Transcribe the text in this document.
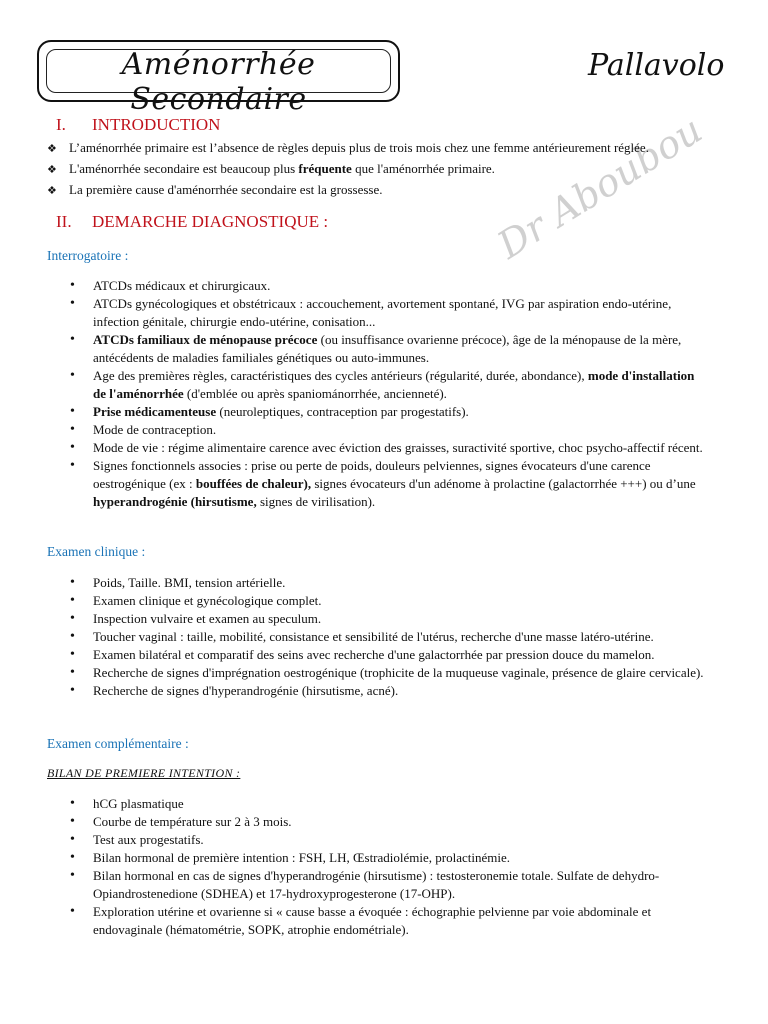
Aménorrhée Secondaire
Pallavolo
Dr Aboubou
I. INTRODUCTION
❖ L’aménorrhée primaire est l’absence de règles depuis plus de trois mois chez une femme antérieurement réglée.
❖ L'aménorrhée secondaire est beaucoup plus fréquente que l'aménorrhée primaire.
❖ La première cause d'aménorrhée secondaire est la grossesse.
II. DEMARCHE DIAGNOSTIQUE :
Interrogatoire :
• ATCDs médicaux et chirurgicaux.
• ATCDs gynécologiques et obstétricaux : accouchement, avortement spontané, IVG par aspiration endo-utérine, infection génitale, chirurgie endo-utérine, conisation...
• ATCDs familiaux de ménopause précoce (ou insuffisance ovarienne précoce), âge de la ménopause de la mère, antécédents de maladies familiales génétiques ou auto-immunes.
• Age des premières règles, caractéristiques des cycles antérieurs (régularité, durée, abondance), mode d'installation de l'aménorrhée (d'emblée ou après spaniománorrhée, ancienneté).
• Prise médicamenteuse (neuroleptiques, contraception par progestatifs).
• Mode de contraception.
• Mode de vie : régime alimentaire carence avec éviction des graisses, suractivité sportive, choc psycho-affectif récent.
• Signes fonctionnels associes : prise ou perte de poids, douleurs pelviennes, signes évocateurs d'une carence oestrogénique (ex : bouffées de chaleur), signes évocateurs d'un adénome à prolactine (galactorrhée +++) ou d’une hyperandrogénie (hirsutisme, signes de virilisation).
Examen clinique :
• Poids, Taille. BMI, tension artérielle.
• Examen clinique et gynécologique complet.
• Inspection vulvaire et examen au speculum.
• Toucher vaginal : taille, mobilité, consistance et sensibilité de l'utérus, recherche d'une masse latéro-utérine.
• Examen bilatéral et comparatif des seins avec recherche d'une galactorrhée par pression douce du mamelon.
• Recherche de signes d'imprégnation oestrogénique (trophicite de la muqueuse vaginale, présence de glaire cervicale).
• Recherche de signes d'hyperandrogénie (hirsutisme, acné).
Examen complémentaire :
BILAN DE PREMIERE INTENTION :
• hCG plasmatique
• Courbe de température sur 2 à 3 mois.
• Test aux progestatifs.
• Bilan hormonal de première intention : FSH, LH, Œstradiolémie, prolactinémie.
• Bilan hormonal en cas de signes d'hyperandrogénie (hirsutisme) : testosteronemie totale. Sulfate de dehydro-Opiandrostenedione (SDHEA) et 17-hydroxyprogesterone (17-OHP).
• Exploration utérine et ovarienne si « cause basse a évoquée : échographie pelvienne par voie abdominale et endovaginale (hématométrie, SOPK, atrophie endométriale).
